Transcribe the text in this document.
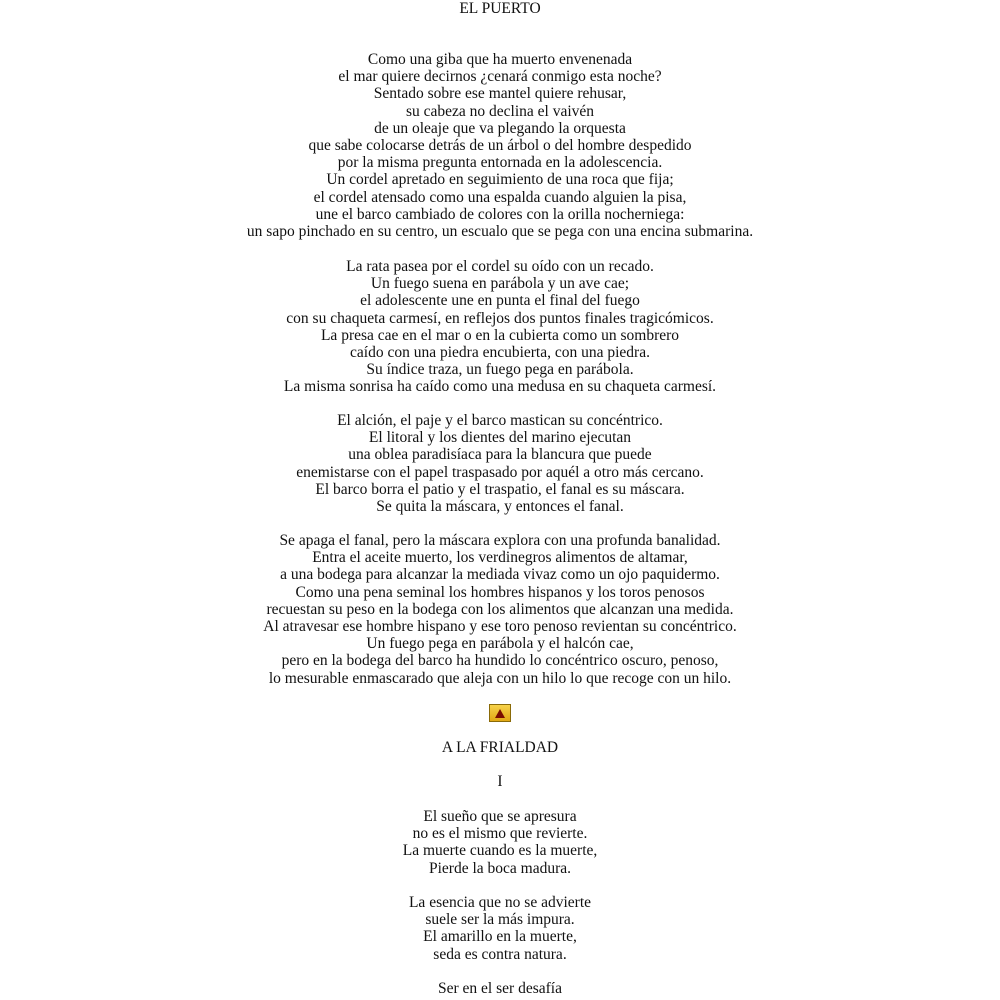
EL PUERTO
Como una giba que ha muerto envenenada
el mar quiere decirnos ¿cenará conmigo esta noche?
Sentado sobre ese mantel quiere rehusar,
su cabeza no declina el vaivén
de un oleaje que va plegando la orquesta
que sabe colocarse detrás de un árbol o del hombre despedido
por la misma pregunta entornada en la adolescencia.
Un cordel apretado en seguimiento de una roca que fija;
el cordel atensado como una espalda cuando alguien la pisa,
une el barco cambiado de colores con la orilla nocherniega:
un sapo pinchado en su centro, un escualo que se pega con una encina submarina.
La rata pasea por el cordel su oído con un recado.
Un fuego suena en parábola y un ave cae;
el adolescente une en punta el final del fuego
con su chaqueta carmesí, en reflejos dos puntos finales tragicómicos.
La presa cae en el mar o en la cubierta como un sombrero
caído con una piedra encubierta, con una piedra.
Su índice traza, un fuego pega en parábola.
La misma sonrisa ha caído como una medusa en su chaqueta carmesí.
El alción, el paje y el barco mastican su concéntrico.
El litoral y los dientes del marino ejecutan
una oblea paradisíaca para la blancura que puede
enemistarse con el papel traspasado por aquél a otro más cercano.
El barco borra el patio y el traspatio, el fanal es su máscara.
Se quita la máscara, y entonces el fanal.
Se apaga el fanal, pero la máscara explora con una profunda banalidad.
Entra el aceite muerto, los verdinegros alimentos de altamar,
a una bodega para alcanzar la mediada vivaz como un ojo paquidermo.
Como una pena seminal los hombres hispanos y los toros penosos
recuestan su peso en la bodega con los alimentos que alcanzan una medida.
Al atravesar ese hombre hispano y ese toro penoso revientan su concéntrico.
Un fuego pega en parábola y el halcón cae,
pero en la bodega del barco ha hundido lo concéntrico oscuro, penoso,
lo mesurable enmascarado que aleja con un hilo lo que recoge con un hilo.
A LA FRIALDAD
I
El sueño que se apresura
no es el mismo que revierte.
La muerte cuando es la muerte,
Pierde la boca madura.
La esencia que no se advierte
suele ser la más impura.
El amarillo en la muerte,
seda es contra natura.
Ser en el ser desafía
